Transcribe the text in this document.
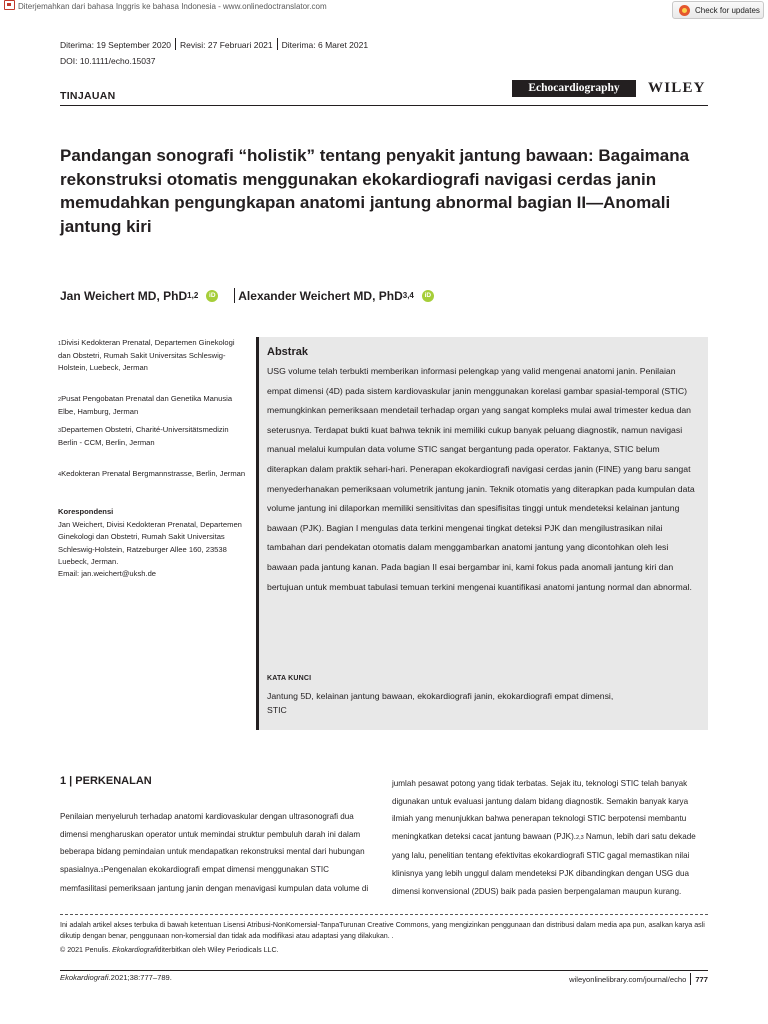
Diterjemahkan dari bahasa Inggris ke bahasa Indonesia - www.onlinedoctranslator.com	Check for updates
Diterima: 19 September 2020 Revisi: 27 Februari 2021 Diterima: 6 Maret 2021
DOI: 10.1111/echo.15037
TINJAUAN
Echocardiography	WILEY
Pandangan sonografi “holistik” tentang penyakit jantung bawaan: Bagaimana rekonstruksi otomatis menggunakan ekokardiografi navigasi cerdas janin memudahkan pengungkapan anatomi jantung abnormal bagian II—Anomali jantung kiri
Jan Weichert MD, PhD 1,2	iD Alexander Weichert MD, PhD 3,4	iD
1Divisi Kedokteran Prenatal, Departemen Ginekologi dan Obstetri, Rumah Sakit Universitas Schleswig-Holstein, Luebeck, Jerman
2Pusat Pengobatan Prenatal dan Genetika Manusia Elbe, Hamburg, Jerman
3Departemen Obstetri, Charité-Universitätsmedizin Berlin - CCM, Berlin, Jerman
4Kedokteran Prenatal Bergmannstrasse, Berlin, Jerman
Korespondensi
Jan Weichert, Divisi Kedokteran Prenatal, Departemen Ginekologi dan Obstetri, Rumah Sakit Universitas Schleswig-Holstein, Ratzeburger Allee 160, 23538 Luebeck, Jerman.
Email: jan.weichert@uksh.de
Abstrak
USG volume telah terbukti memberikan informasi pelengkap yang valid mengenai anatomi janin. Penilaian empat dimensi (4D) pada sistem kardiovaskular janin menggunakan korelasi gambar spasial-temporal (STIC) memungkinkan pemeriksaan mendetail terhadap organ yang sangat kompleks mulai awal trimester kedua dan seterusnya. Terdapat bukti kuat bahwa teknik ini memiliki cukup banyak peluang diagnostik, namun navigasi manual melalui kumpulan data volume STIC sangat bergantung pada operator. Faktanya, STIC belum diterapkan dalam praktik sehari-hari. Penerapan ekokardiografi navigasi cerdas janin (FINE) yang baru sangat menyederhanakan pemeriksaan volumetrik jantung janin. Teknik otomatis yang diterapkan pada kumpulan data volume jantung ini dilaporkan memiliki sensitivitas dan spesifisitas tinggi untuk mendeteksi kelainan jantung bawaan (PJK). Bagian I mengulas data terkini mengenai tingkat deteksi PJK dan mengilustrasikan nilai tambahan dari pendekatan otomatis dalam menggambarkan anatomi jantung yang dicontohkan oleh lesi bawaan pada jantung kanan. Pada bagian II esai bergambar ini, kami fokus pada anomali jantung kiri dan bertujuan untuk membuat tabulasi temuan terkini mengenai kuantifikasi anatomi jantung normal dan abnormal.
KATA KUNCI
Jantung 5D, kelainan jantung bawaan, ekokardiografi janin, ekokardiografi empat dimensi, STIC
1 | PERKENALAN
Penilaian menyeluruh terhadap anatomi kardiovaskular dengan ultrasonografi dua dimensi mengharuskan operator untuk memindai struktur pembuluh darah ini dalam beberapa bidang pemindaian untuk mendapatkan rekonstruksi mental dari hubungan spasialnya.1Pengenalan ekokardiografi empat dimensi menggunakan STIC memfasilitasi pemeriksaan jantung janin dengan menavigasi kumpulan data volume di
jumlah pesawat potong yang tidak terbatas. Sejak itu, teknologi STIC telah banyak digunakan untuk evaluasi jantung dalam bidang diagnostik. Semakin banyak karya ilmiah yang menunjukkan bahwa penerapan teknologi STIC berpotensi membantu meningkatkan deteksi cacat jantung bawaan (PJK).2,3 Namun, lebih dari satu dekade yang lalu, penelitian tentang efektivitas ekokardiografi STIC gagal memastikan nilai klinisnya yang lebih unggul dalam mendeteksi PJK dibandingkan dengan USG dua dimensi konvensional (2DUS) baik pada pasien berpengalaman maupun kurang.
Ini adalah artikel akses terbuka di bawah ketentuan Lisensi Atribusi-NonKomersial-TanpaTurunan Creative Commons, yang mengizinkan penggunaan dan distribusi dalam media apa pun, asalkan karya asli dikutip dengan benar, penggunaan non-komersial dan tidak ada modifikasi atau adaptasi yang dilakukan. .
© 2021 Penulis. Ekokardiografiditerbitkan oleh Wiley Periodicals LLC.
Ekokardiografi.2021;38:777–789.	wileyonlinelibrary.com/journal/echo 777
